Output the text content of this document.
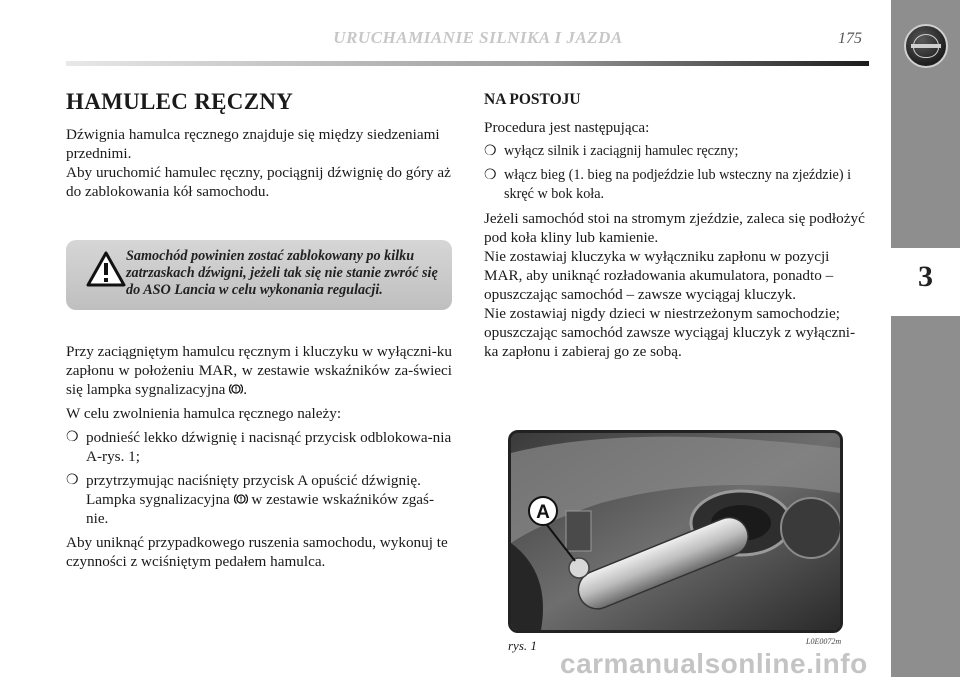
URUCHAMIANIE SILNIKA I JAZDA	175
3
HAMULEC RĘCZNY

Dźwignia hamulca ręcznego znajduje się między siedzeniami przednimi.

Aby uruchomić hamulec ręczny, pociągnij dźwignię do góry aż do zablokowania kół samochodu.

Samochód powinien zostać zablokowany po kilku zatrzaskach dźwigni, jeżeli tak się nie stanie zwróć się do ASO Lancia w celu wykonania regulacji.

Przy zaciągniętym hamulcu ręcznym i kluczyku w wyłączni-ku zapłonu w położeniu MAR, w zestawie wskaźników za-świeci się lampka sygnalizacyjna .

W celu zwolnienia hamulca ręcznego należy:

❍ podnieść lekko dźwignię i nacisnąć przycisk odblokowa-nia A-rys. 1;
❍ przytrzymując naciśnięty przycisk A opuścić dźwignię. Lampka sygnalizacyjna w zestawie wskaźników zgaś-nie.

Aby uniknąć przypadkowego ruszenia samochodu, wykonuj te czynności z wciśniętym pedałem hamulca.

NA POSTOJU

Procedura jest następująca:

❍ wyłącz silnik i zaciągnij hamulec ręczny;
❍ włącz bieg (1. bieg na podjeździe lub wsteczny na zjeździe) i skręć w bok koła.

Jeżeli samochód stoi na stromym zjeździe, zaleca się podłożyć pod koła kliny lub kamienie.

Nie zostawiaj kluczyka w wyłączniku zapłonu w pozycji MAR, aby uniknąć rozładowania akumulatora, ponadto – opuszczając samochód – zawsze wyciągaj kluczyk.

Nie zostawiaj nigdy dzieci w niestrzeżonym samochodzie; opuszczając samochód zawsze wyciągaj kluczyk z wyłączni-ka zapłonu i zabieraj go ze sobą.

A
rys. 1	L0E0072m
carmanualsonline.info
